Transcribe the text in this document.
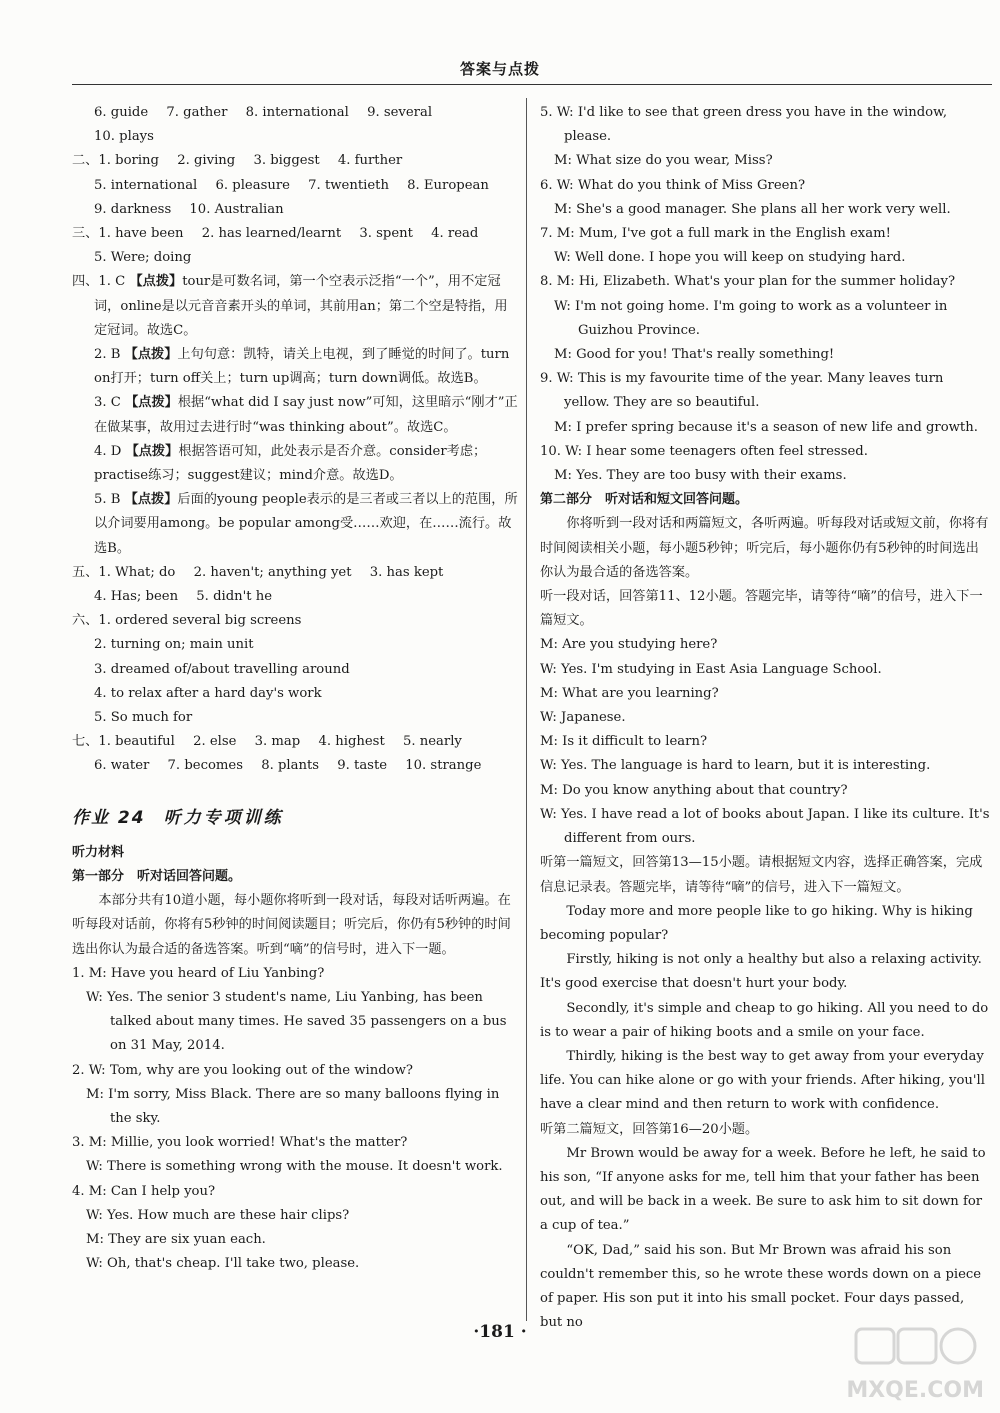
答案与点拨

6. guide 7. gather 8. international 9. several

10. plays

二、1. boring 2. giving 3. biggest 4. further

5. international 6. pleasure 7. twentieth 8. European

9. darkness 10. Australian

三、1. have been 2. has learned/learnt 3. spent 4. read

5. Were; doing

四、1. C 【点拨】tour是可数名词，第一个空表示泛指“一个”，用不定冠词，online是以元音音素开头的单词，其前用an；第二个空是特指，用定冠词。故选C。

2. B 【点拨】上句句意：凯特，请关上电视，到了睡觉的时间了。turn on打开；turn off关上；turn up调高；turn down调低。故选B。

3. C 【点拨】根据“what did I say just now”可知，这里暗示“刚才”正在做某事，故用过去进行时“was thinking about”。故选C。

4. D 【点拨】根据答语可知，此处表示是否介意。consider考虑；practise练习；suggest建议；mind介意。故选D。

5. B 【点拨】后面的young people表示的是三者或三者以上的范围，所以介词要用among。be popular among受……欢迎，在……流行。故选B。

五、1. What; do 2. haven't; anything yet 3. has kept

4. Has; been 5. didn't he

六、1. ordered several big screens

2. turning on; main unit

3. dreamed of/about travelling around

4. to relax after a hard day's work

5. So much for

七、1. beautiful 2. else 3. map 4. highest 5. nearly

6. water 7. becomes 8. plants 9. taste 10. strange

作业 24 听力专项训练

听力材料

第一部分　听对话回答问题。

本部分共有10道小题，每小题你将听到一段对话，每段对话听两遍。在听每段对话前，你将有5秒钟的时间阅读题目；听完后，你仍有5秒钟的时间选出你认为最合适的备选答案。听到“嘀”的信号时，进入下一题。

1. M: Have you heard of Liu Yanbing?

W: Yes. The senior 3 student's name, Liu Yanbing, has been talked about many times. He saved 35 passengers on a bus on 31 May, 2014.

2. W: Tom, why are you looking out of the window?

M: I'm sorry, Miss Black. There are so many balloons flying in the sky.

3. M: Millie, you look worried! What's the matter?

W: There is something wrong with the mouse. It doesn't work.

4. M: Can I help you?

W: Yes. How much are these hair clips?

M: They are six yuan each.

W: Oh, that's cheap. I'll take two, please.

5. W: I'd like to see that green dress you have in the window, please.

M: What size do you wear, Miss?

6. W: What do you think of Miss Green?

M: She's a good manager. She plans all her work very well.

7. M: Mum, I've got a full mark in the English exam!

W: Well done. I hope you will keep on studying hard.

8. M: Hi, Elizabeth. What's your plan for the summer holiday?

W: I'm not going home. I'm going to work as a volunteer in Guizhou Province.

M: Good for you! That's really something!

9. W: This is my favourite time of the year. Many leaves turn yellow. They are so beautiful.

M: I prefer spring because it's a season of new life and growth.

10. W: I hear some teenagers often feel stressed.

M: Yes. They are too busy with their exams.

第二部分　听对话和短文回答问题。

你将听到一段对话和两篇短文，各听两遍。听每段对话或短文前，你将有时间阅读相关小题，每小题5秒钟；听完后，每小题你仍有5秒钟的时间选出你认为最合适的备选答案。

听一段对话，回答第11、12小题。答题完毕，请等待“嘀”的信号，进入下一篇短文。

M: Are you studying here?

W: Yes. I'm studying in East Asia Language School.

M: What are you learning?

W: Japanese.

M: Is it difficult to learn?

W: Yes. The language is hard to learn, but it is interesting.

M: Do you know anything about that country?

W: Yes. I have read a lot of books about Japan. I like its culture. It's different from ours.

听第一篇短文，回答第13—15小题。请根据短文内容，选择正确答案，完成信息记录表。答题完毕，请等待“嘀”的信号，进入下一篇短文。

Today more and more people like to go hiking. Why is hiking becoming popular?

Firstly, hiking is not only a healthy but also a relaxing activity. It's good exercise that doesn't hurt your body.

Secondly, it's simple and cheap to go hiking. All you need to do is to wear a pair of hiking boots and a smile on your face.

Thirdly, hiking is the best way to get away from your everyday life. You can hike alone or go with your friends. After hiking, you'll have a clear mind and then return to work with confidence.

听第二篇短文，回答第16—20小题。

Mr Brown would be away for a week. Before he left, he said to his son, “If anyone asks for me, tell him that your father has been out, and will be back in a week. Be sure to ask him to sit down for a cup of tea.”

“OK, Dad,” said his son. But Mr Brown was afraid his son couldn't remember this, so he wrote these words down on a piece of paper. His son put it into his small pocket. Four days passed, but no

·181 ·
MXQE.COM
